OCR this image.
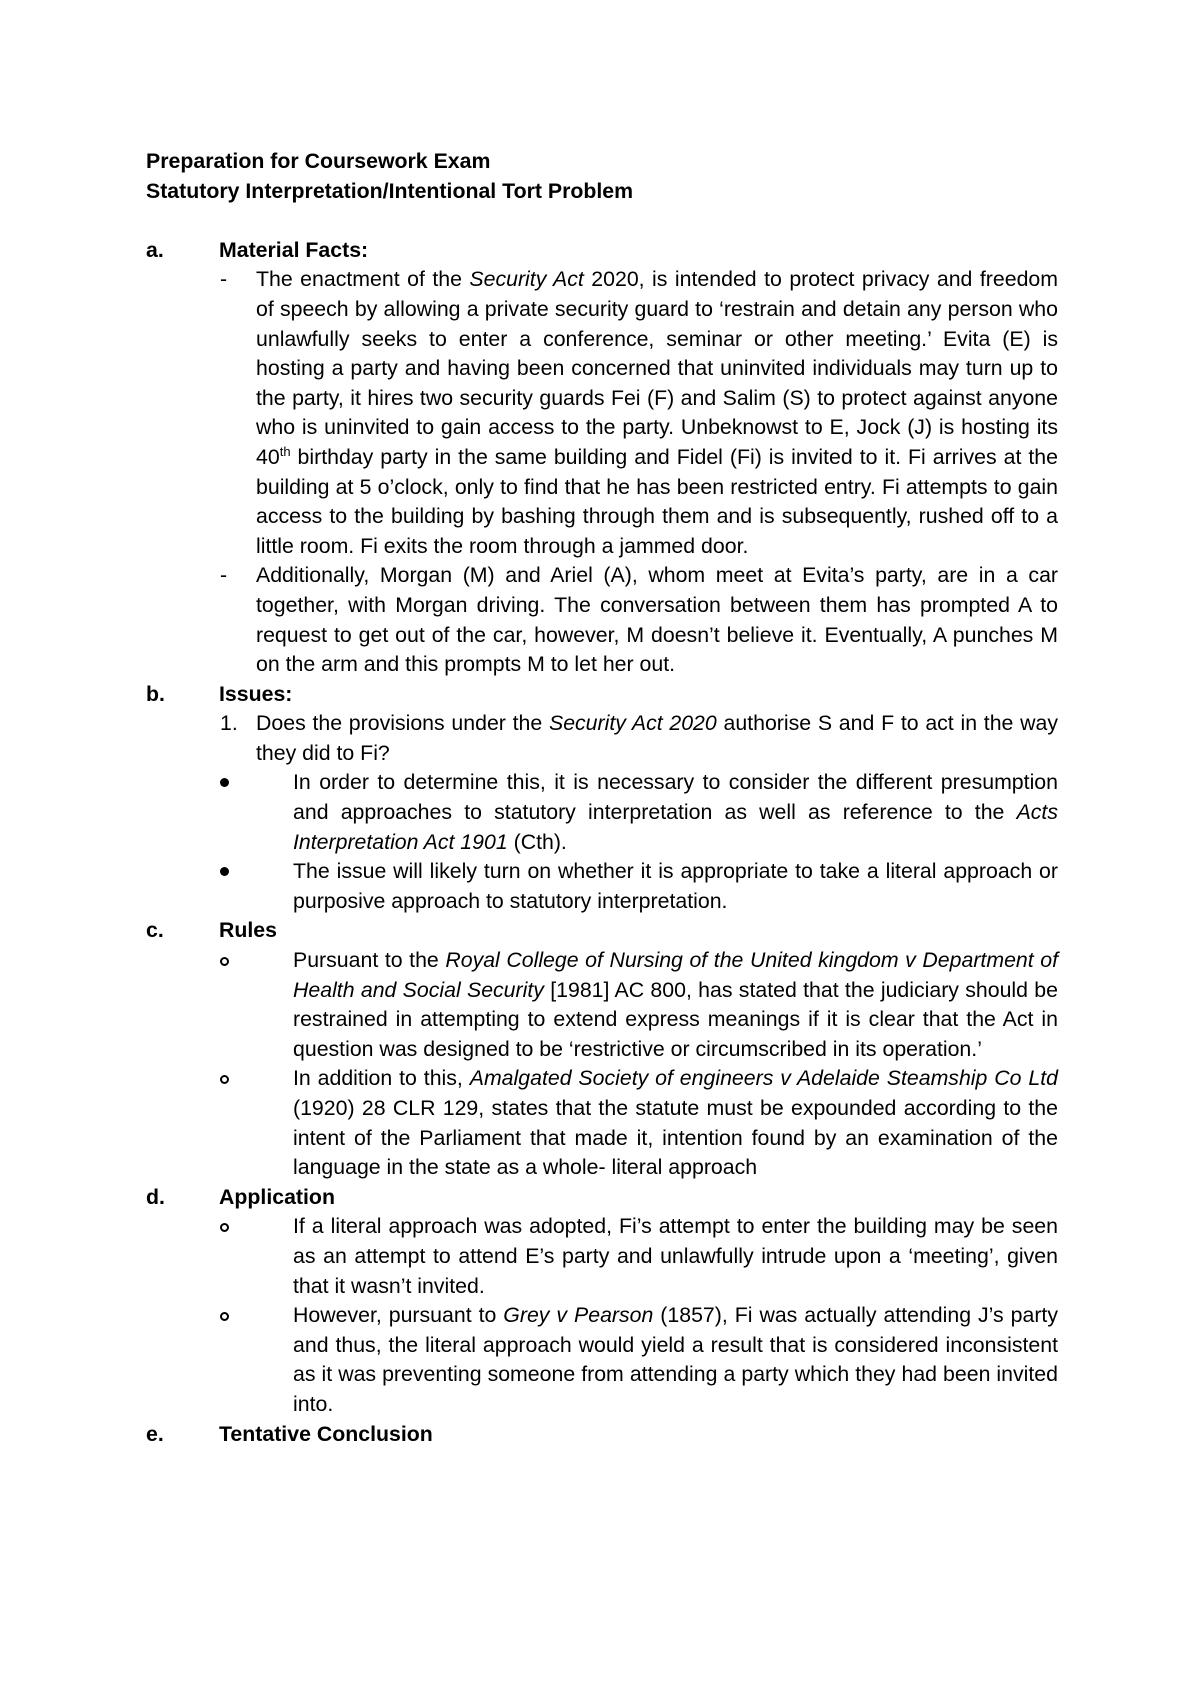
Preparation for Coursework Exam

Statutory Interpretation/Intentional Tort Problem

a.	Material Facts:
- The enactment of the Security Act 2020, is intended to protect privacy and freedom of speech by allowing a private security guard to ‘restrain and detain any person who unlawfully seeks to enter a conference, seminar or other meeting.’ Evita (E) is hosting a party and having been concerned that uninvited individuals may turn up to the party, it hires two security guards Fei (F) and Salim (S) to protect against anyone who is uninvited to gain access to the party. Unbeknowst to E, Jock (J) is hosting its 40th birthday party in the same building and Fidel (Fi) is invited to it. Fi arrives at the building at 5 o’clock, only to find that he has been restricted entry. Fi attempts to gain access to the building by bashing through them and is subsequently, rushed off to a little room. Fi exits the room through a jammed door.
- Additionally, Morgan (M) and Ariel (A), whom meet at Evita’s party, are in a car together, with Morgan driving. The conversation between them has prompted A to request to get out of the car, however, M doesn’t believe it. Eventually, A punches M on the arm and this prompts M to let her out.
b.	Issues:
1. Does the provisions under the Security Act 2020 authorise S and F to act in the way they did to Fi?
In order to determine this, it is necessary to consider the different presumption and approaches to statutory interpretation as well as reference to the Acts Interpretation Act 1901 (Cth).
The issue will likely turn on whether it is appropriate to take a literal approach or purposive approach to statutory interpretation.
c.	Rules
Pursuant to the Royal College of Nursing of the United kingdom v Department of Health and Social Security [1981] AC 800, has stated that the judiciary should be restrained in attempting to extend express meanings if it is clear that the Act in question was designed to be ‘restrictive or circumscribed in its operation.’
In addition to this, Amalgated Society of engineers v Adelaide Steamship Co Ltd (1920) 28 CLR 129, states that the statute must be expounded according to the intent of the Parliament that made it, intention found by an examination of the language in the state as a whole- literal approach
d.	Application
If a literal approach was adopted, Fi’s attempt to enter the building may be seen as an attempt to attend E’s party and unlawfully intrude upon a ‘meeting’, given that it wasn’t invited.
However, pursuant to Grey v Pearson (1857), Fi was actually attending J’s party and thus, the literal approach would yield a result that is considered inconsistent as it was preventing someone from attending a party which they had been invited into.
e.	Tentative Conclusion
